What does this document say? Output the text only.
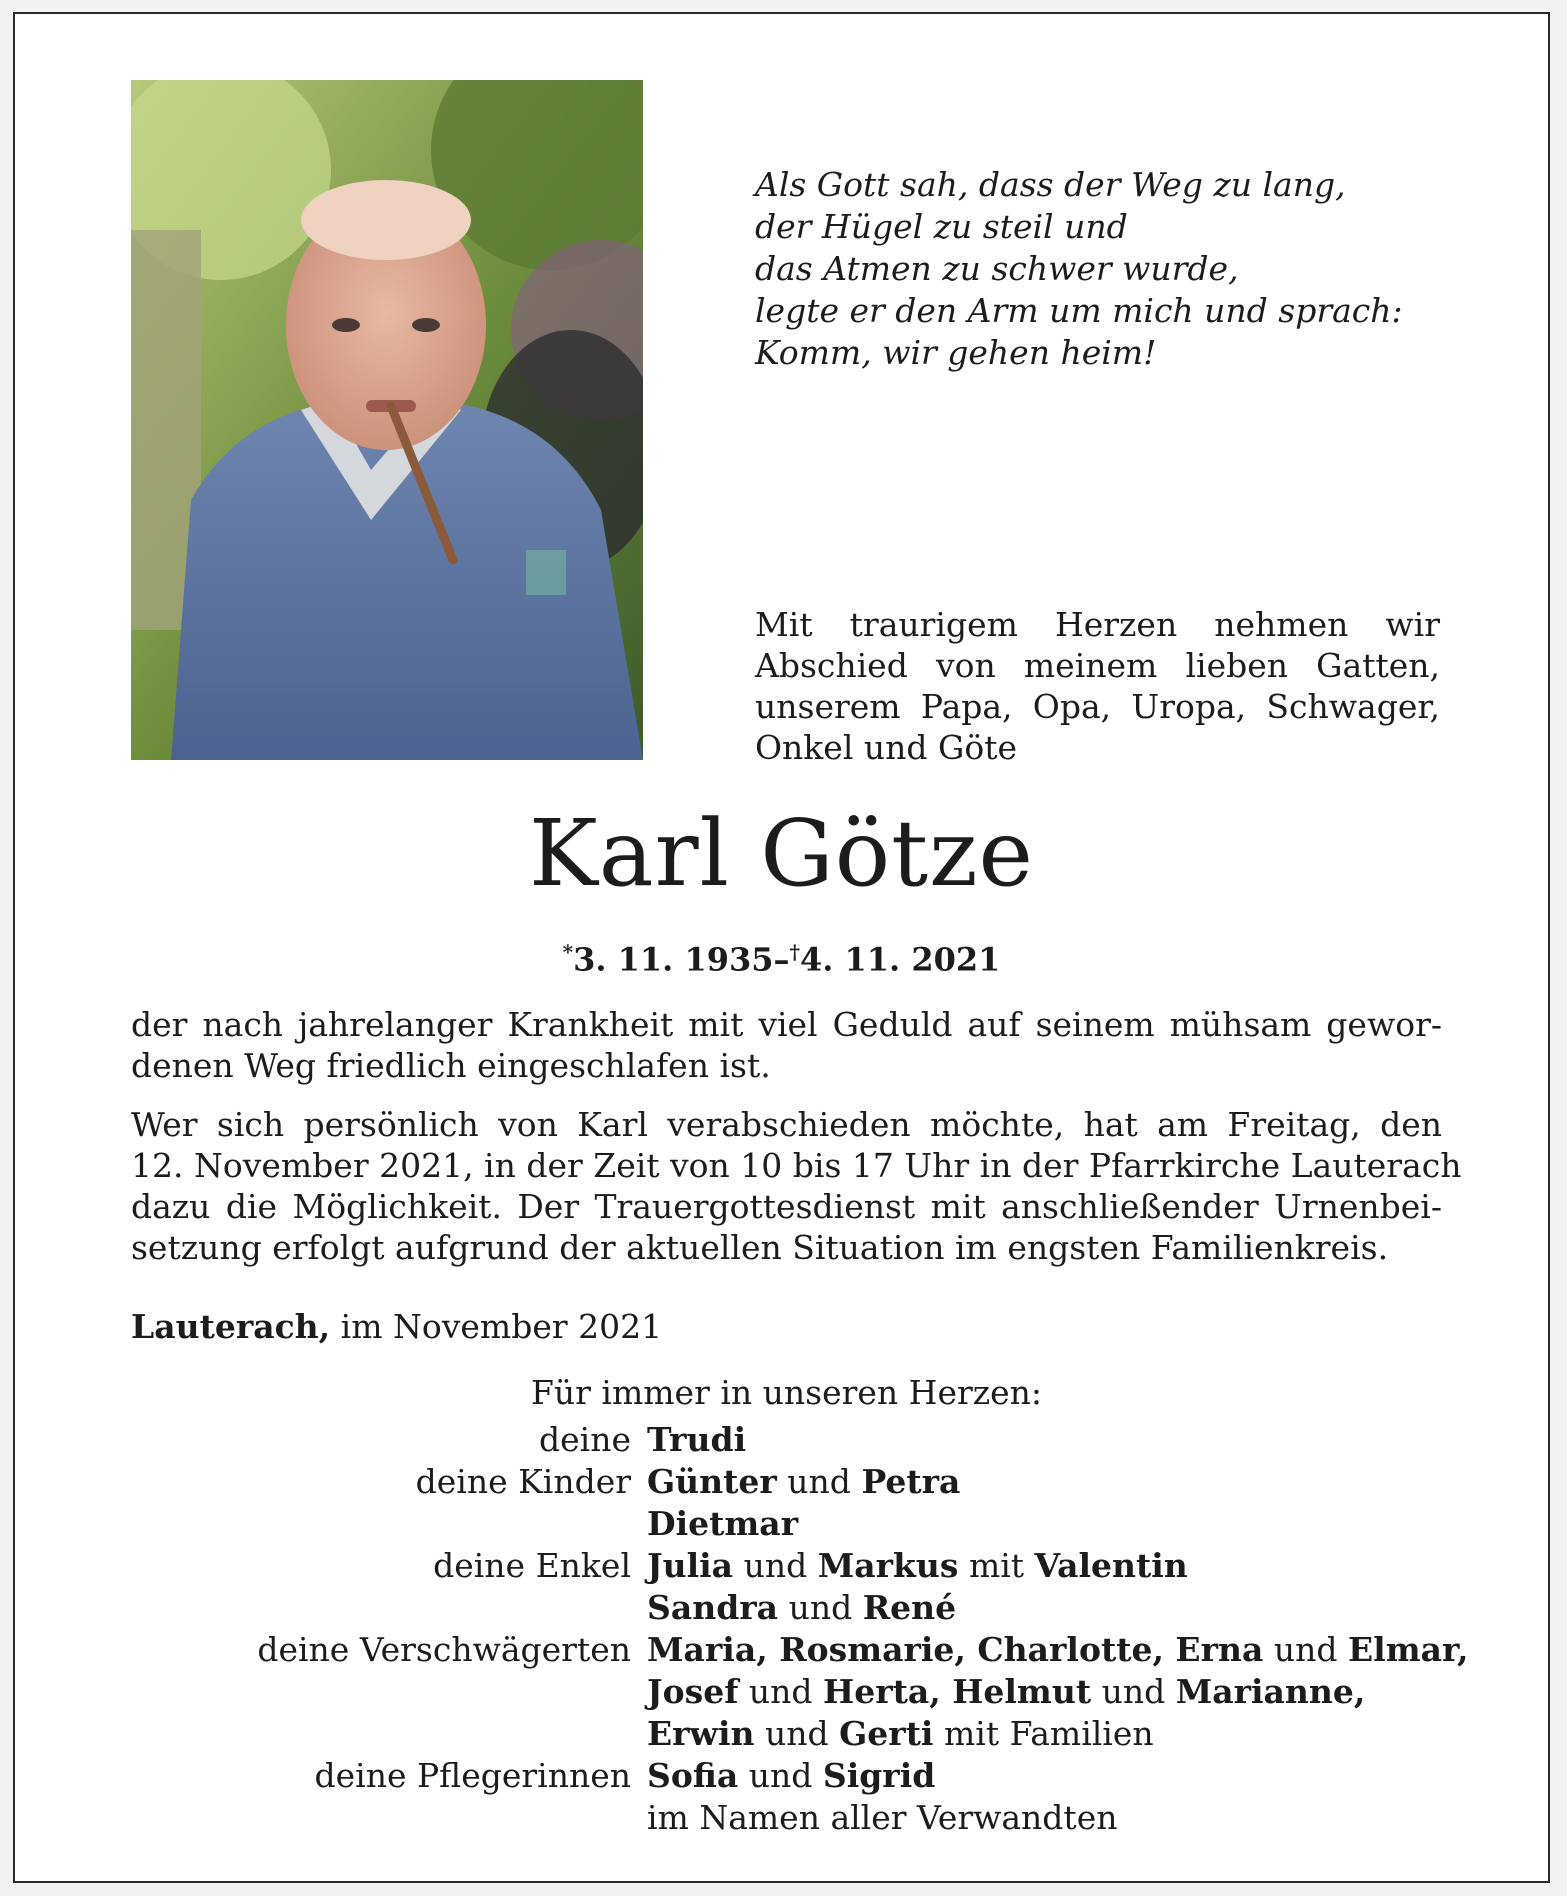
Als Gott sah, dass der Weg zu lang,
der Hügel zu steil und
das Atmen zu schwer wurde,
legte er den Arm um mich und sprach:
Komm, wir gehen heim!
Mit traurigem Herzen nehmen wir
Abschied von meinem lieben Gatten,
unserem Papa, Opa, Uropa, Schwager,
Onkel und Göte
Karl Götze
*3. 11. 1935–†4. 11. 2021
der nach jahrelanger Krankheit mit viel Geduld auf seinem mühsam gewor-
denen Weg friedlich eingeschlafen ist.
Wer sich persönlich von Karl verabschieden möchte, hat am Freitag, den
12. November 2021, in der Zeit von 10 bis 17 Uhr in der Pfarrkirche Lauterach
dazu die Möglichkeit. Der Trauergottesdienst mit anschließender Urnenbei-
setzung erfolgt aufgrund der aktuellen Situation im engsten Familienkreis.
Lauterach, im November 2021
Für immer in unseren Herzen:
deine Trudi
deine Kinder Günter und Petra
Dietmar
deine Enkel Julia und Markus mit Valentin
Sandra und René
deine Verschwägerten Maria, Rosmarie, Charlotte, Erna und Elmar,
Josef und Herta, Helmut und Marianne,
Erwin und Gerti mit Familien
deine Pflegerinnen Sofia und Sigrid
im Namen aller Verwandten
